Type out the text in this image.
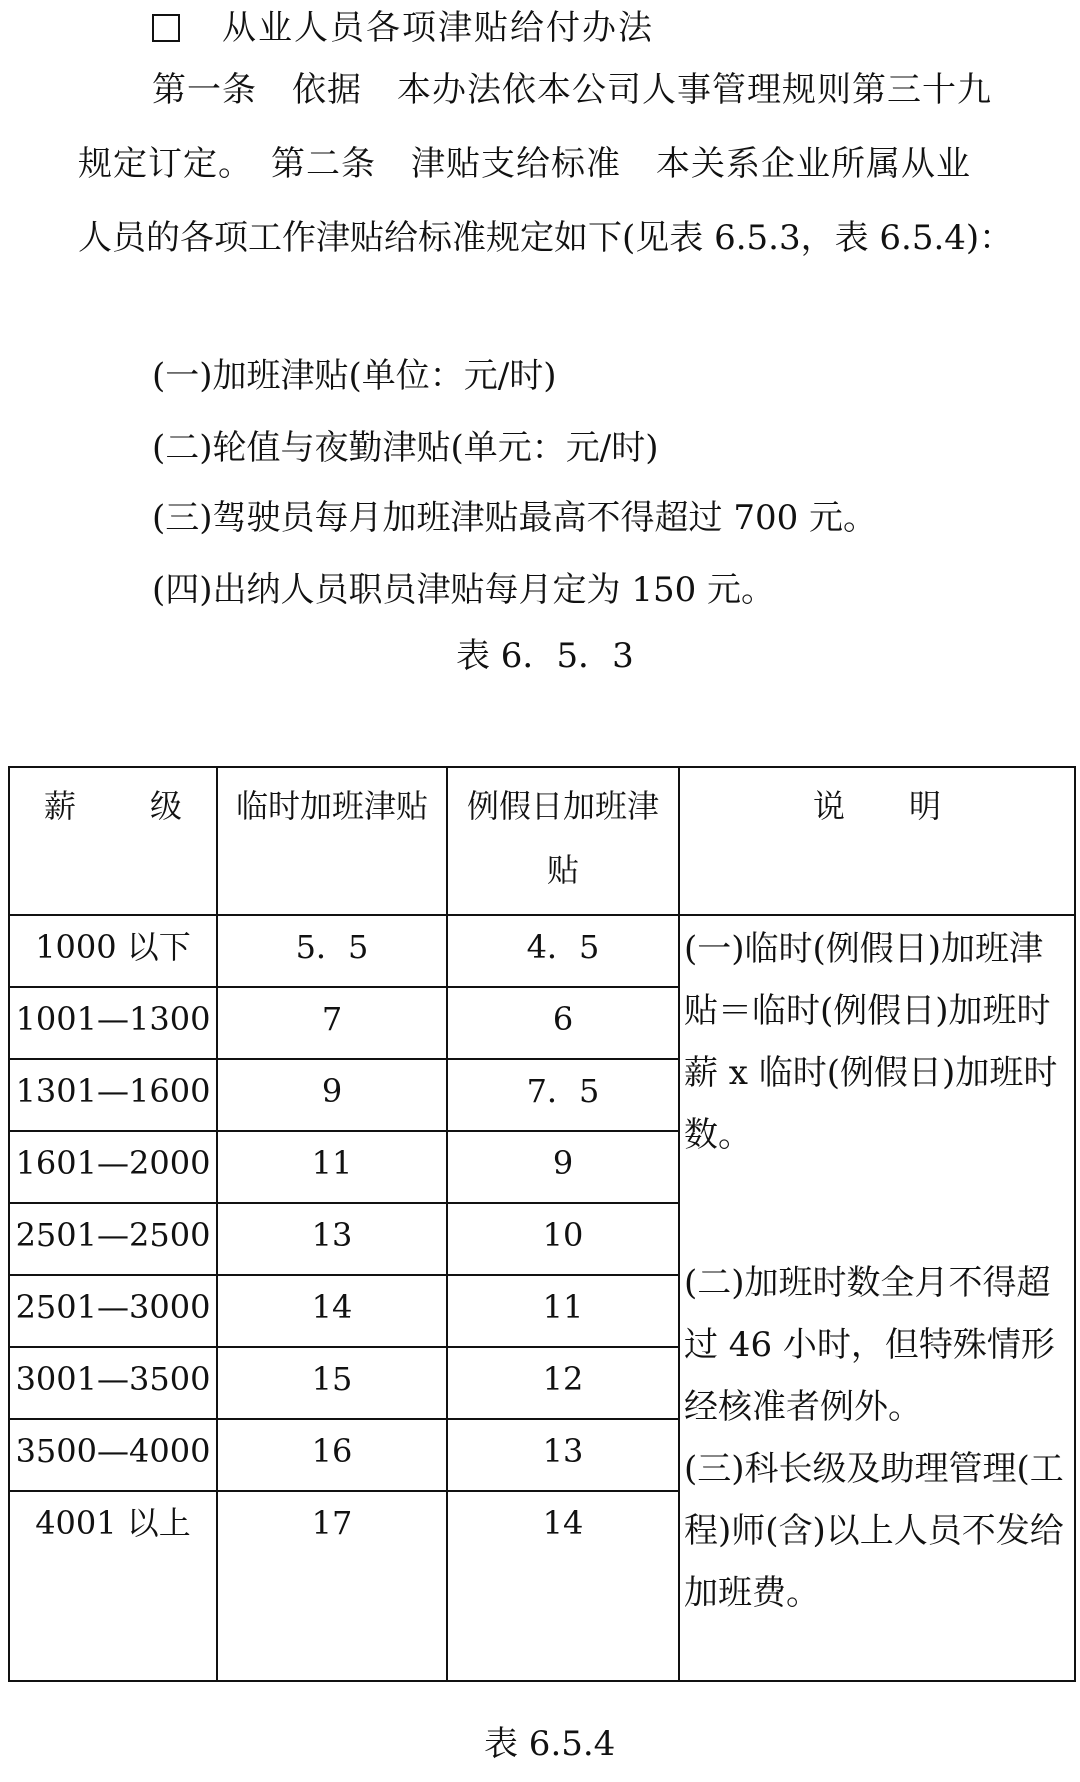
从业人员各项津贴给付办法
第一条　依据　本办法依本公司人事管理规则第三十九
规定订定。　第二条　津贴支给标准　本关系企业所属从业
人员的各项工作津贴给标准规定如下(见表 6.5.3，表 6.5.4)：
(一)加班津贴(单位：元/时)
(二)轮值与夜勤津贴(单元：元/时)
(三)驾驶员每月加班津贴最高不得超过 700 元。
(四)出纳人员职员津贴每月定为 150 元。
表 6．5．3
薪 级	临时加班津贴	例假日加班津贴	说　　明
1000 以下	5．5	4．5	(一)临时(例假日)加班津贴＝临时(例假日)加班时薪 x 临时(例假日)加班时数。

(二)加班时数全月不得超过 46 小时，但特殊情形经核准者例外。

(三)科长级及助理管理(工程)师(含)以上人员不发给加班费。

1001—1300	7	6	
1301—1600	9	7．5	
1601—2000	11	9	
2501—2500	13	10	
2501—3000	14	11	
3001—3500	15	12	
3500—4000	16	13	
4001 以上	17	14	
表 6.5.4
